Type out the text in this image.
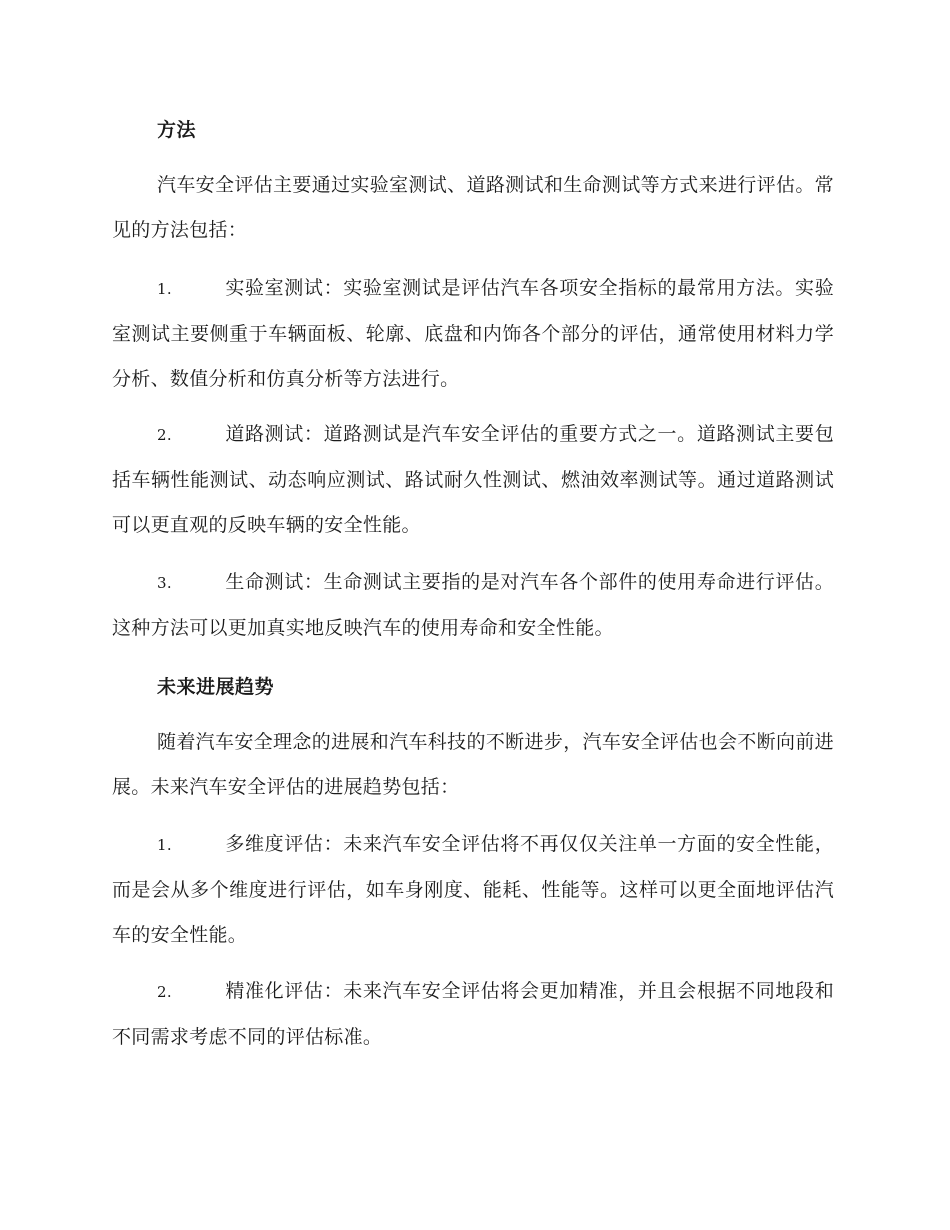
方法
汽车安全评估主要通过实验室测试、道路测试和生命测试等方式来进行评估。常见的方法包括：
1.	实验室测试：实验室测试是评估汽车各项安全指标的最常用方法。实验室测试主要侧重于车辆面板、轮廓、底盘和内饰各个部分的评估，通常使用材料力学分析、数值分析和仿真分析等方法进行。
2.	道路测试：道路测试是汽车安全评估的重要方式之一。道路测试主要包括车辆性能测试、动态响应测试、路试耐久性测试、燃油效率测试等。通过道路测试可以更直观的反映车辆的安全性能。
3.	生命测试：生命测试主要指的是对汽车各个部件的使用寿命进行评估。这种方法可以更加真实地反映汽车的使用寿命和安全性能。
未来进展趋势
随着汽车安全理念的进展和汽车科技的不断进步，汽车安全评估也会不断向前进展。未来汽车安全评估的进展趋势包括：
1.	多维度评估：未来汽车安全评估将不再仅仅关注单一方面的安全性能，而是会从多个维度进行评估，如车身刚度、能耗、性能等。这样可以更全面地评估汽车的安全性能。
2.	精准化评估：未来汽车安全评估将会更加精准，并且会根据不同地段和不同需求考虑不同的评估标准。
